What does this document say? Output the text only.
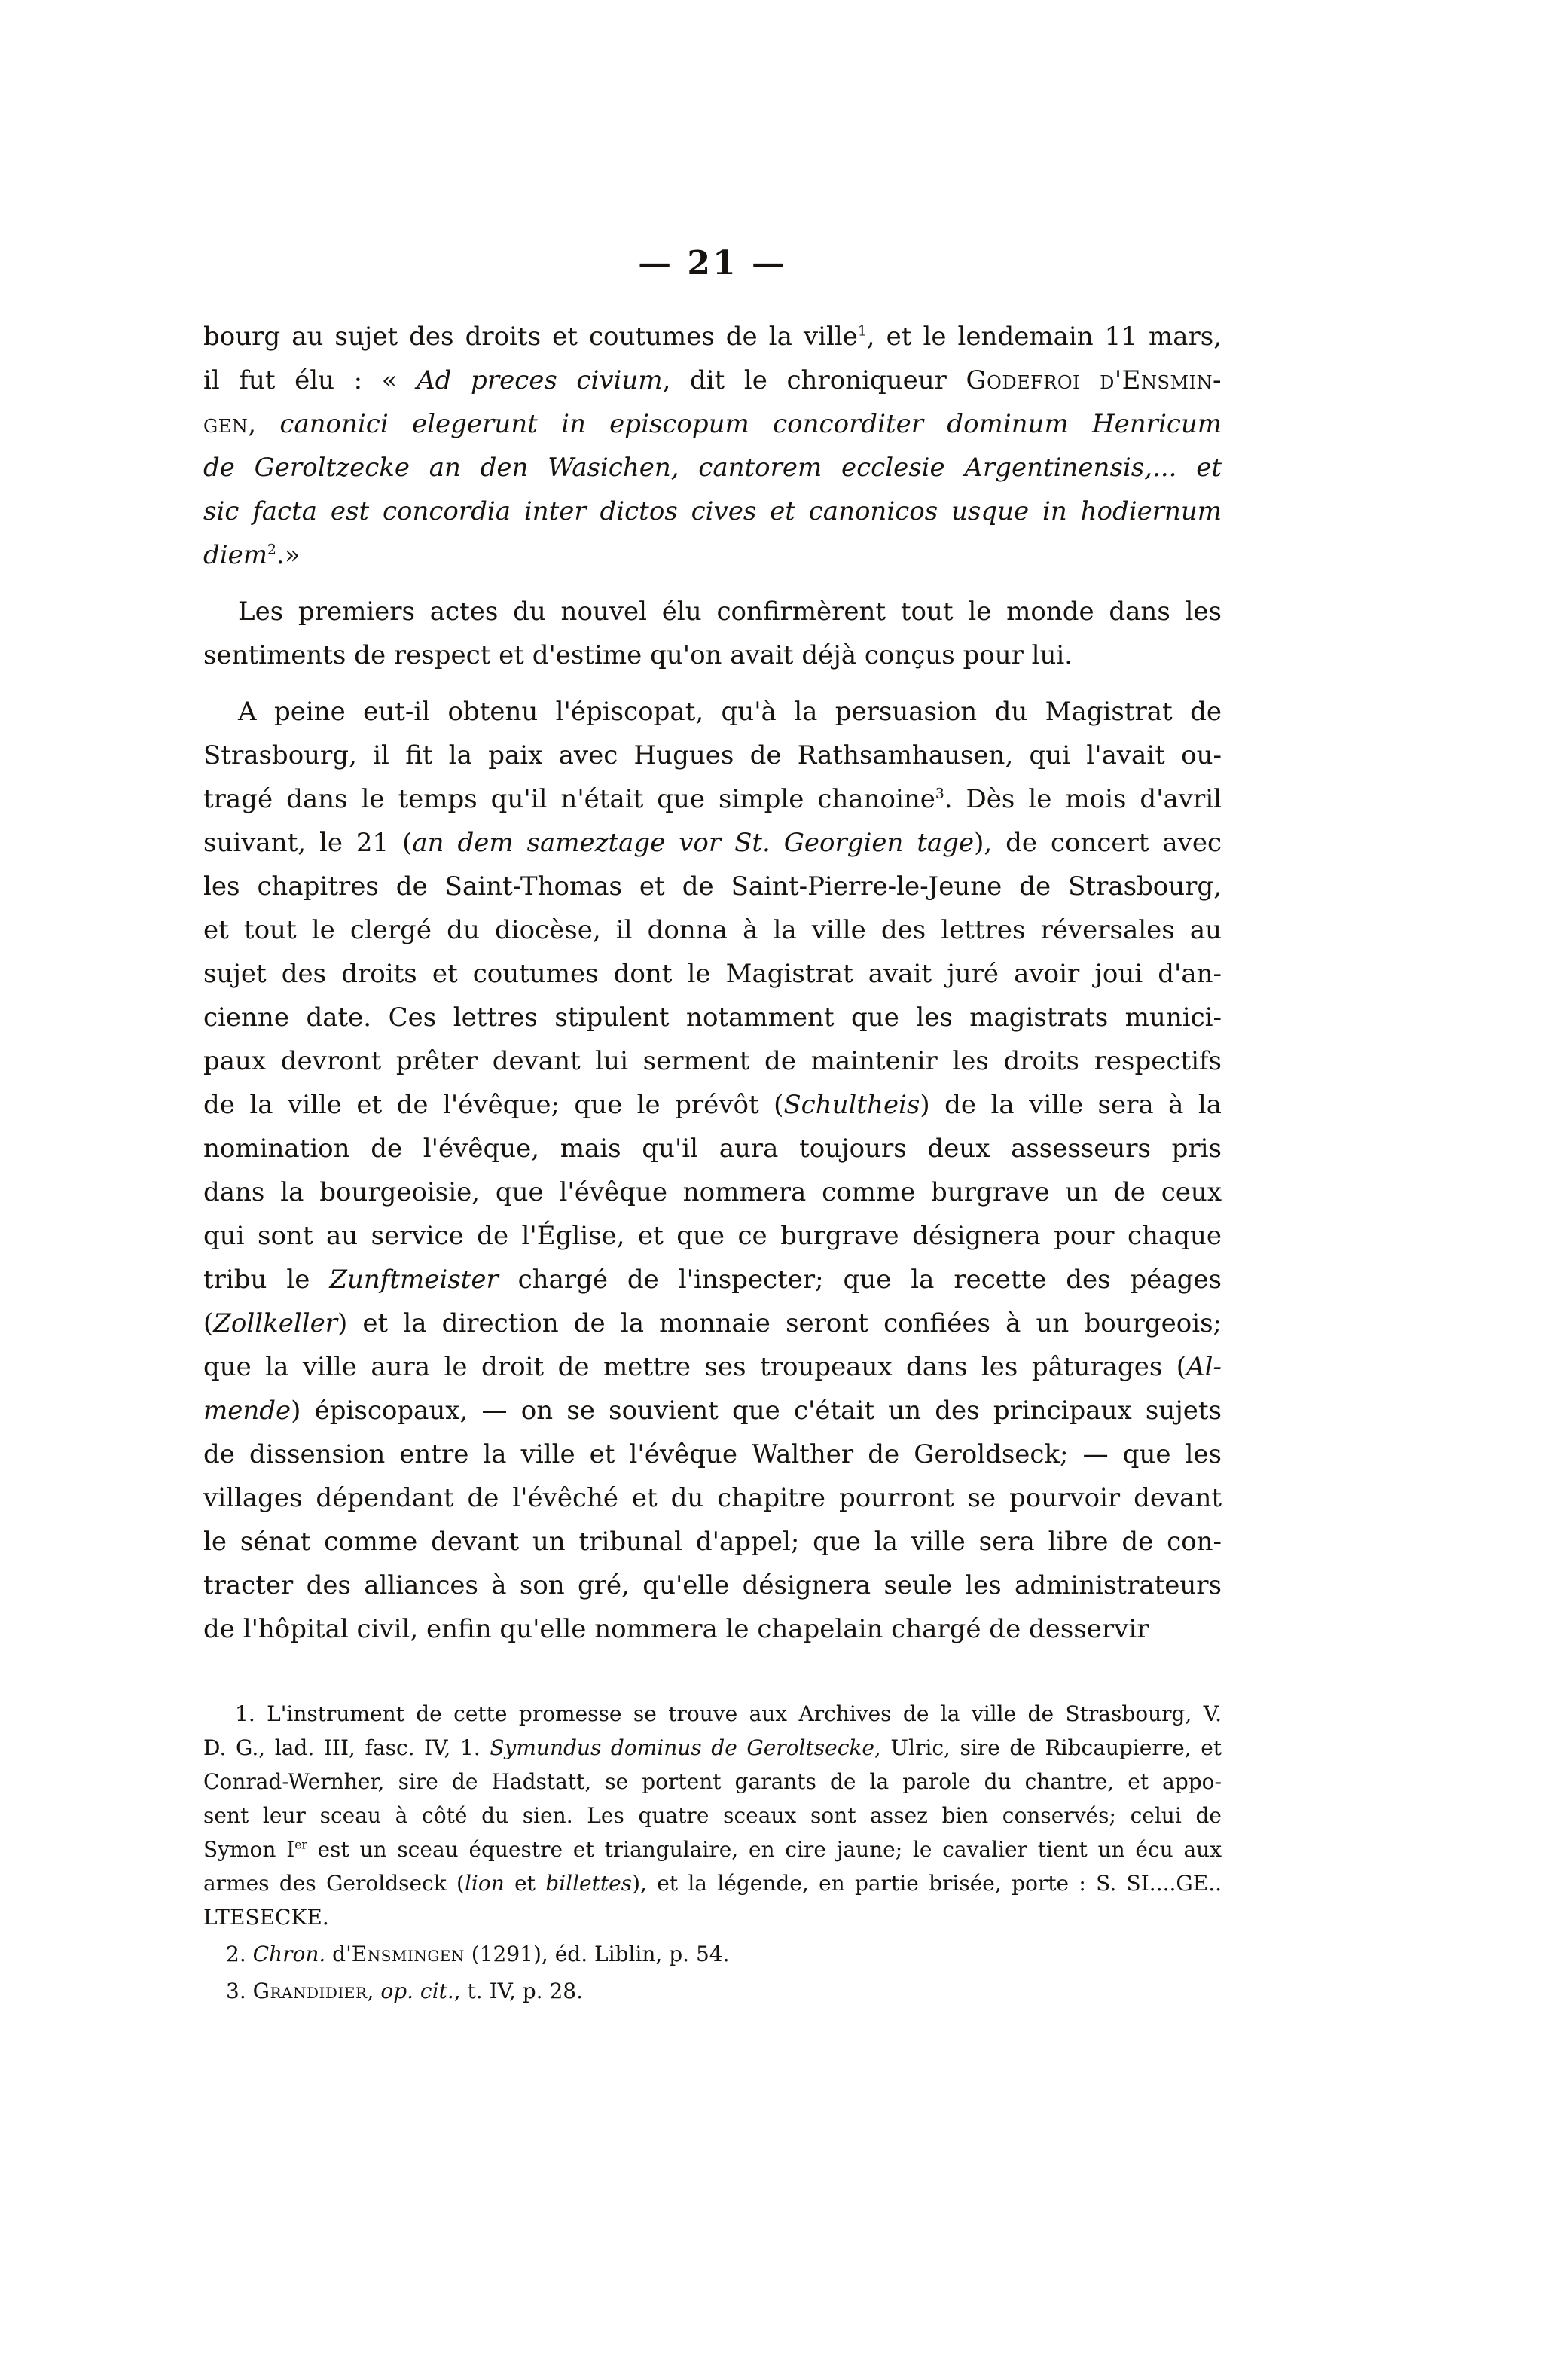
— 21 —
bourg au sujet des droits et coutumes de la ville$^1$, et le lendemain 11 mars,
il fut élu : « Ad preces civium, dit le chroniqueur Godefroi d'Ensmin-
gen, canonici elegerunt in episcopum concorditer dominum Henricum
de Geroltzecke an den Wasichen, cantorem ecclesie Argentinensis,... et
sic facta est concordia inter dictos cives et canonicos usque in hodiernum
diem$^2$.»
Les premiers actes du nouvel élu confirmèrent tout le monde dans les
sentiments de respect et d'estime qu'on avait déjà conçus pour lui.
A peine eut-il obtenu l'épiscopat, qu'à la persuasion du Magistrat de
Strasbourg, il fit la paix avec Hugues de Rathsamhausen, qui l'avait ou-
tragé dans le temps qu'il n'était que simple chanoine$^3$. Dès le mois d'avril
suivant, le 21 (an dem sameztage vor St. Georgien tage), de concert avec
les chapitres de Saint-Thomas et de Saint-Pierre-le-Jeune de Strasbourg,
et tout le clergé du diocèse, il donna à la ville des lettres réversales au
sujet des droits et coutumes dont le Magistrat avait juré avoir joui d'an-
cienne date. Ces lettres stipulent notamment que les magistrats munici-
paux devront prêter devant lui serment de maintenir les droits respectifs
de la ville et de l'évêque; que le prévôt (Schultheis) de la ville sera à la
nomination de l'évêque, mais qu'il aura toujours deux assesseurs pris
dans la bourgeoisie, que l'évêque nommera comme burgrave un de ceux
qui sont au service de l'Église, et que ce burgrave désignera pour chaque
tribu le Zunftmeister chargé de l'inspecter; que la recette des péages
(Zollkeller) et la direction de la monnaie seront confiées à un bourgeois;
que la ville aura le droit de mettre ses troupeaux dans les pâturages (Al-
mende) épiscopaux, — on se souvient que c'était un des principaux sujets
de dissension entre la ville et l'évêque Walther de Geroldseck; — que les
villages dépendant de l'évêché et du chapitre pourront se pourvoir devant
le sénat comme devant un tribunal d'appel; que la ville sera libre de con-
tracter des alliances à son gré, qu'elle désignera seule les administrateurs
de l'hôpital civil, enfin qu'elle nommera le chapelain chargé de desservir
1. L'instrument de cette promesse se trouve aux Archives de la ville de Strasbourg, V.
D. G., lad. III, fasc. IV, 1. Symundus dominus de Geroltsecke, Ulric, sire de Ribcaupierre, et
Conrad-Wernher, sire de Hadstatt, se portent garants de la parole du chantre, et appo-
sent leur sceau à côté du sien. Les quatre sceaux sont assez bien conservés; celui de
Symon Ier est un sceau équestre et triangulaire, en cire jaune; le cavalier tient un écu aux
armes des Geroldseck (lion et billettes), et la légende, en partie brisée, porte : S. SI....GE..
LTESECKE.
2. Chron. d'Ensmingen (1291), éd. Liblin, p. 54.
3. Grandidier, op. cit., t. IV, p. 28.
